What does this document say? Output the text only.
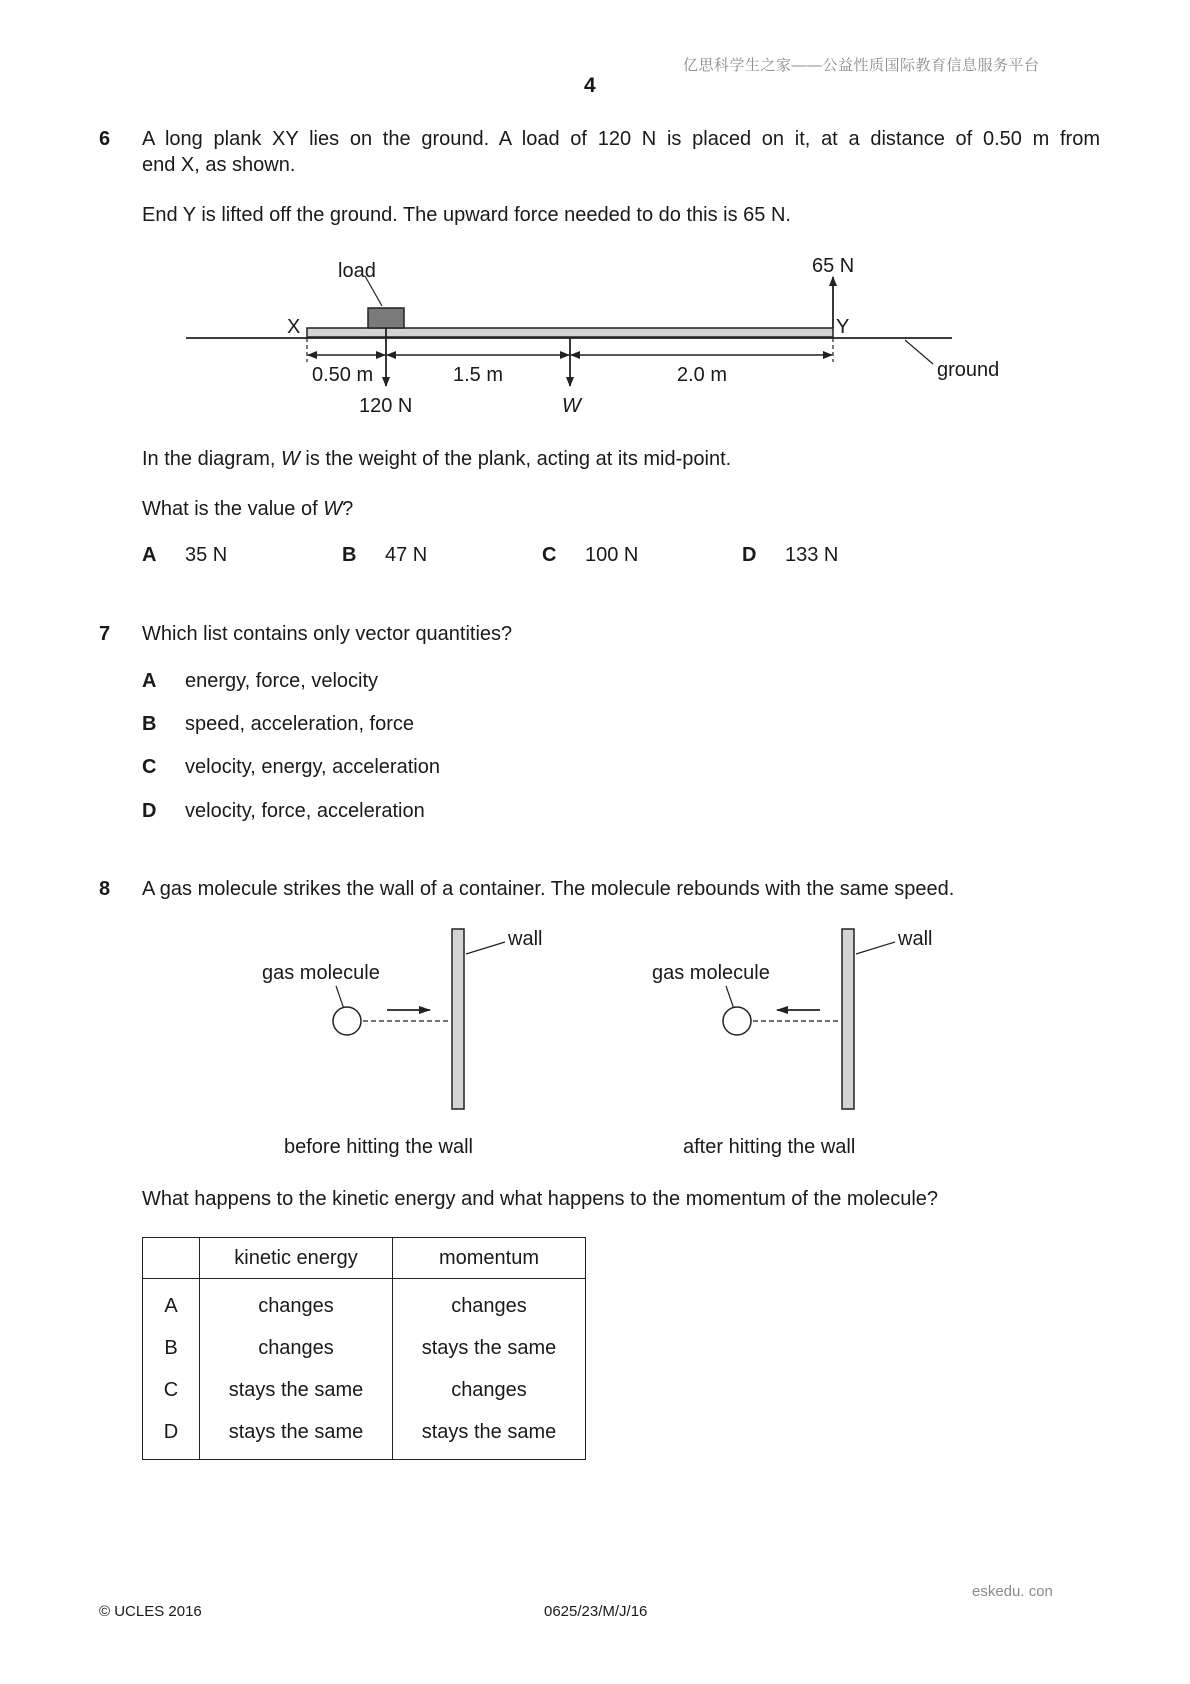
亿思科学生之家——公益性质国际教育信息服务平台
4
6 A long plank XY lies on the ground. A load of 120 N is placed on it, at a distance of 0.50 m from
end X, as shown.
End Y is lifted off the ground. The upward force needed to do this is 65 N.
load	65 N
X	Y
ground
0.50 m	1.5 m	2.0 m
120 N	W
In the diagram, W is the weight of the plank, acting at its mid-point.
What is the value of W?
A 35 N	B 47 N	C 100 N	D 133 N
7 Which list contains only vector quantities?
A energy, force, velocity
B speed, acceleration, force
C velocity, energy, acceleration
D velocity, force, acceleration
8 A gas molecule strikes the wall of a container. The molecule rebounds with the same speed.
wall
gas molecule
before hitting the wall
wall
gas molecule
after hitting the wall
What happens to the kinetic energy and what happens to the momentum of the molecule?
	kinetic energy	momentum
A	changes	changes
B	changes	stays the same
C	stays the same	changes
D	stays the same	stays the same
eskedu. con
© UCLES 2016	0625/23/M/J/16
